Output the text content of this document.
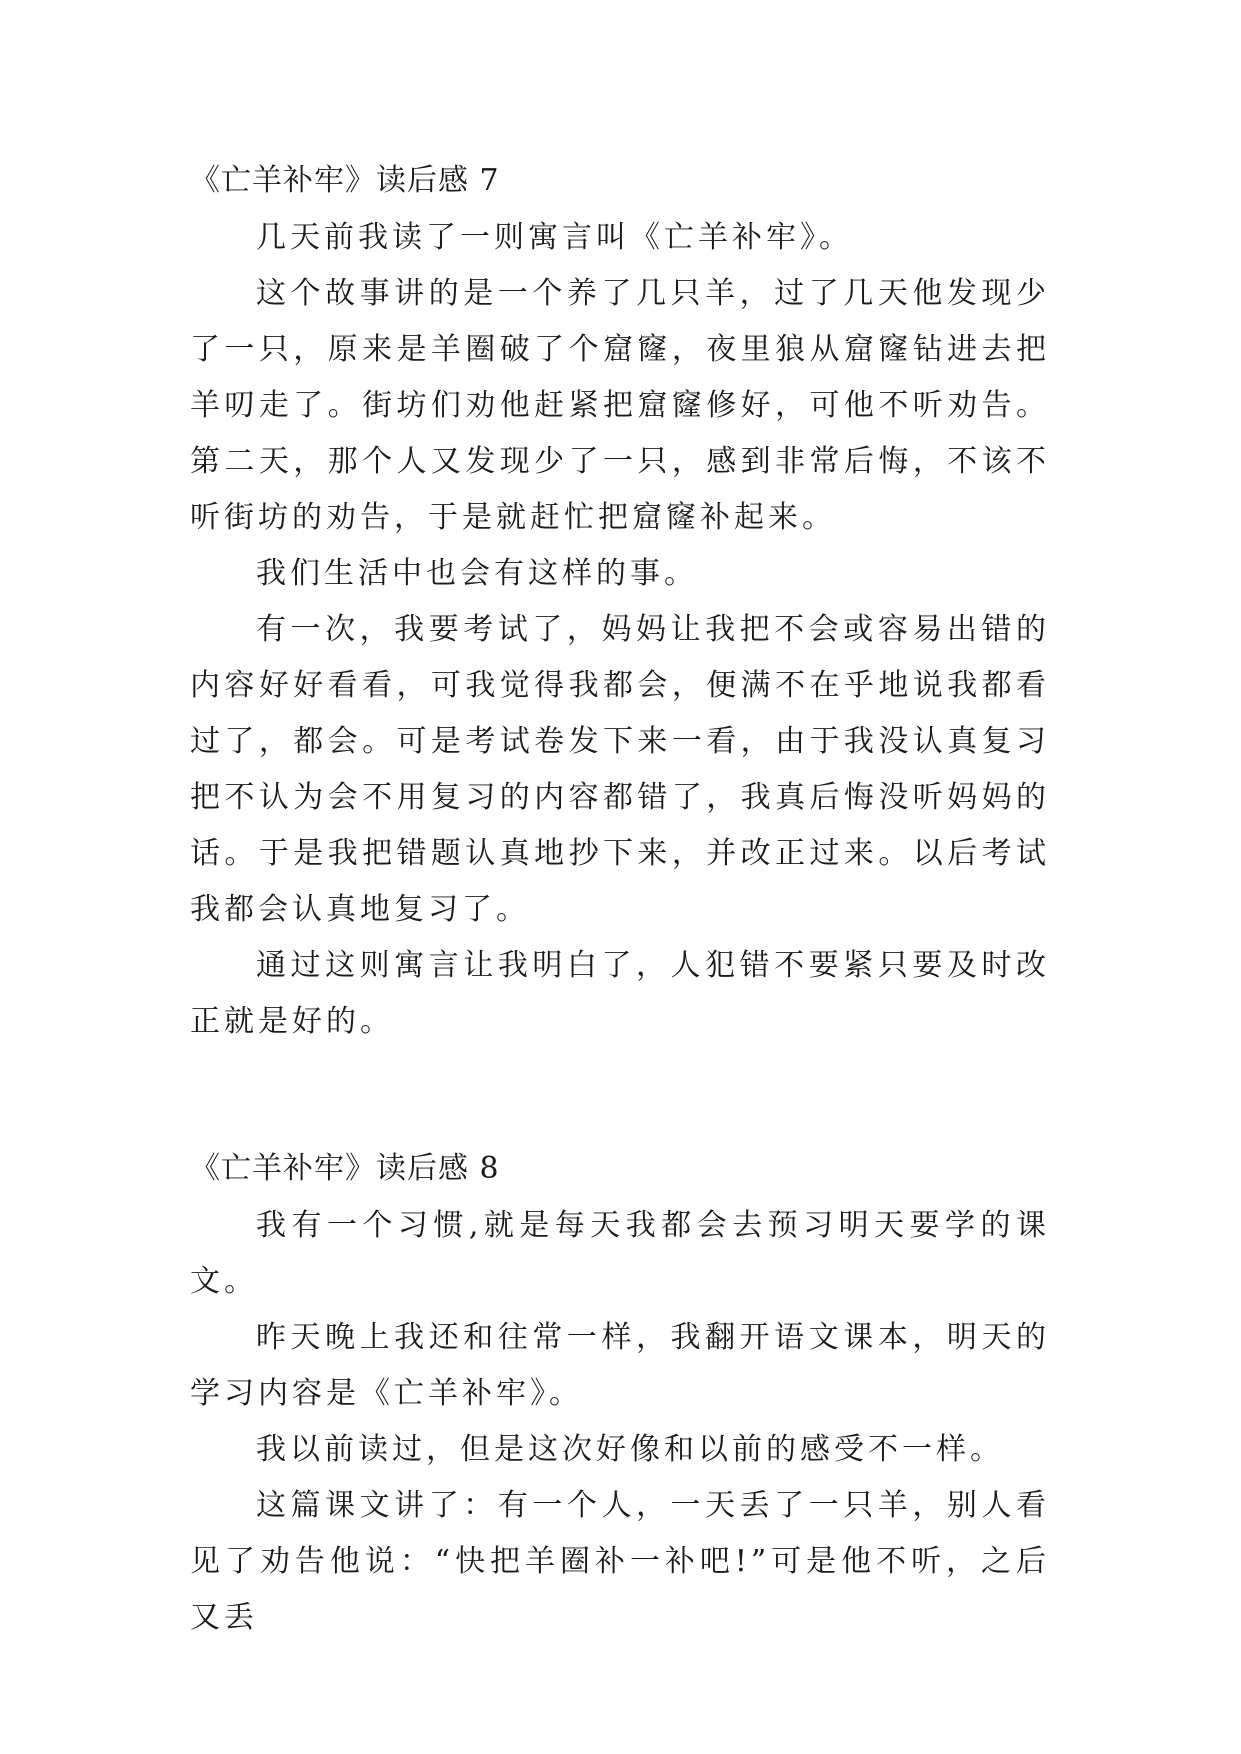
《亡羊补牢》读后感 7

几天前我读了一则寓言叫《亡羊补牢》。

这个故事讲的是一个养了几只羊，过了几天他发现少了一只，原来是羊圈破了个窟窿，夜里狼从窟窿钻进去把羊叨走了。街坊们劝他赶紧把窟窿修好，可他不听劝告。第二天，那个人又发现少了一只，感到非常后悔，不该不听街坊的劝告，于是就赶忙把窟窿补起来。

我们生活中也会有这样的事。

有一次，我要考试了，妈妈让我把不会或容易出错的内容好好看看，可我觉得我都会，便满不在乎地说我都看过了，都会。可是考试卷发下来一看，由于我没认真复习把不认为会不用复习的内容都错了，我真后悔没听妈妈的话。于是我把错题认真地抄下来，并改正过来。以后考试我都会认真地复习了。

通过这则寓言让我明白了，人犯错不要紧只要及时改正就是好的。

《亡羊补牢》读后感 8

我有一个习惯,就是每天我都会去预习明天要学的课文。

昨天晚上我还和往常一样，我翻开语文课本，明天的学习内容是《亡羊补牢》。

我以前读过，但是这次好像和以前的感受不一样。

这篇课文讲了：有一个人，一天丢了一只羊，别人看见了劝告他说：“快把羊圈补一补吧!”可是他不听，之后又丢
